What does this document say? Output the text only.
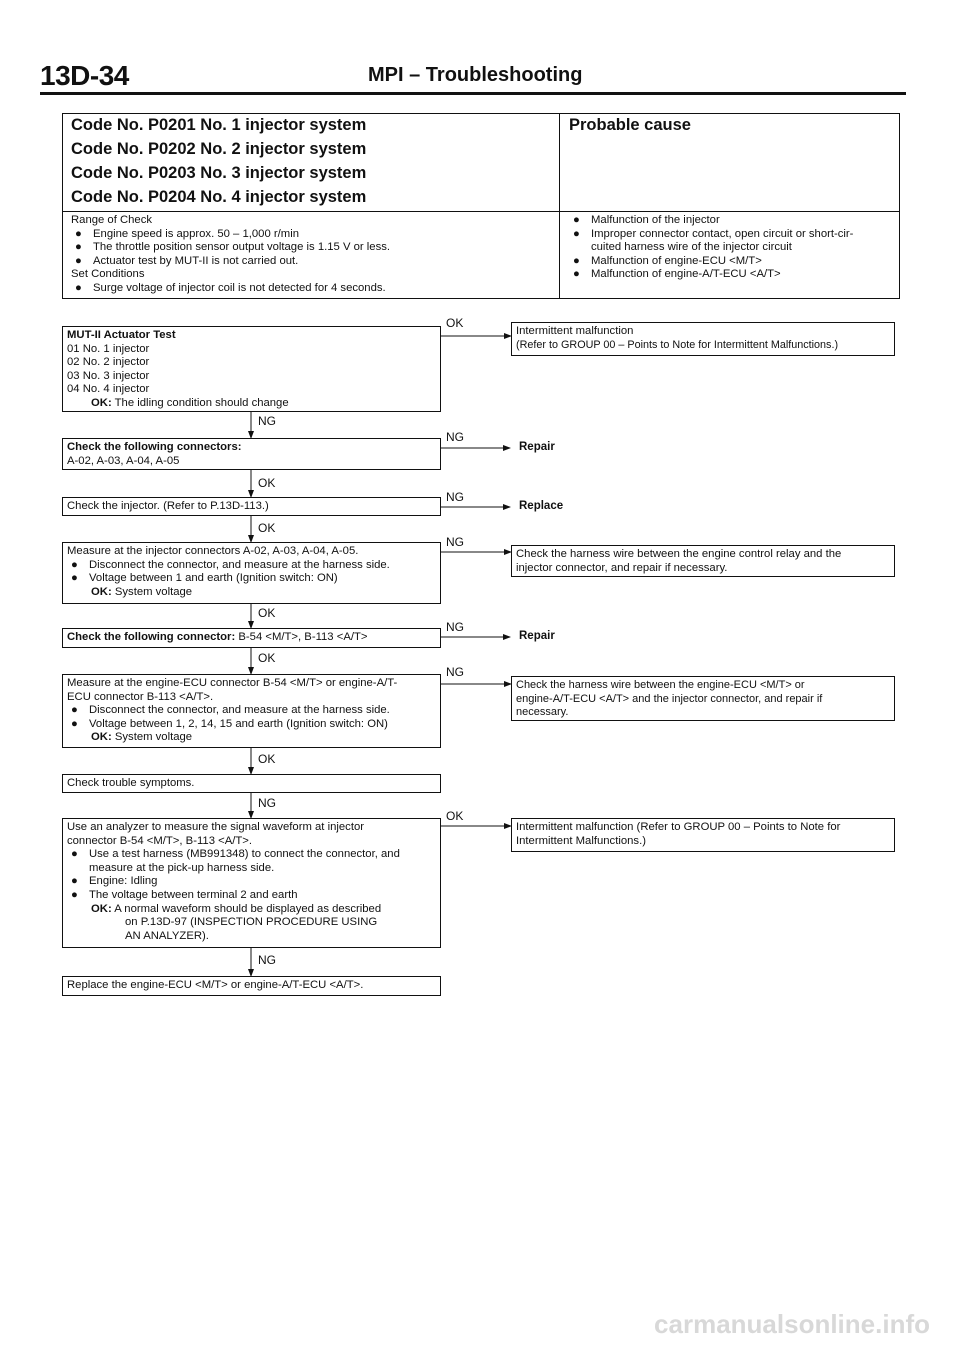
13D-34	MPI – Troubleshooting
Code No. P0201 No. 1 injector system
Code No. P0202 No. 2 injector system
Code No. P0203 No. 3 injector system
Code No. P0204 No. 4 injector system
Probable cause
Range of Check
● Engine speed is approx. 50 – 1,000 r/min
● The throttle position sensor output voltage is 1.15 V or less.
● Actuator test by MUT-II is not carried out.
Set Conditions
● Surge voltage of injector coil is not detected for 4 seconds.
● Malfunction of the injector
● Improper connector contact, open circuit or short-cir-
cuited harness wire of the injector circuit
● Malfunction of engine-ECU <M/T>
● Malfunction of engine-A/T-ECU <A/T>
MUT-II Actuator Test
01 No. 1 injector
02 No. 2 injector
03 No. 3 injector
04 No. 4 injector
OK: The idling condition should change
Check the following connectors:
A-02, A-03, A-04, A-05
Check the injector. (Refer to P.13D-113.)
Measure at the injector connectors A-02, A-03, A-04, A-05.
● Disconnect the connector, and measure at the harness side.
● Voltage between 1 and earth (Ignition switch: ON)
OK: System voltage
Check the following connector: B-54 <M/T>, B-113 <A/T>
Measure at the engine-ECU connector B-54 <M/T> or engine-A/T-
ECU connector B-113 <A/T>.
● Disconnect the connector, and measure at the harness side.
● Voltage between 1, 2, 14, 15 and earth (Ignition switch: ON)
OK: System voltage
Check trouble symptoms.
Use an analyzer to measure the signal waveform at injector
connector B-54 <M/T>, B-113 <A/T>.
● Use a test harness (MB991348) to connect the connector, and
measure at the pick-up harness side.
● Engine: Idling
● The voltage between terminal 2 and earth
OK: A normal waveform should be displayed as described
on P.13D-97 (INSPECTION PROCEDURE USING
AN ANALYZER).
Replace the engine-ECU <M/T> or engine-A/T-ECU <A/T>.
Intermittent malfunction
(Refer to GROUP 00 – Points to Note for Intermittent Malfunctions.)
Check the harness wire between the engine control relay and the
injector connector, and repair if necessary.
Check the harness wire between the engine-ECU <M/T> or
engine-A/T-ECU <A/T> and the injector connector, and repair if
necessary.
Intermittent malfunction (Refer to GROUP 00 – Points to Note for
Intermittent Malfunctions.)
Repair
Replace
Repair
OK
NG
NG
OK
NG
OK
NG
OK
NG
OK
NG
OK
NG
OK
NG
carmanualsonline.info
